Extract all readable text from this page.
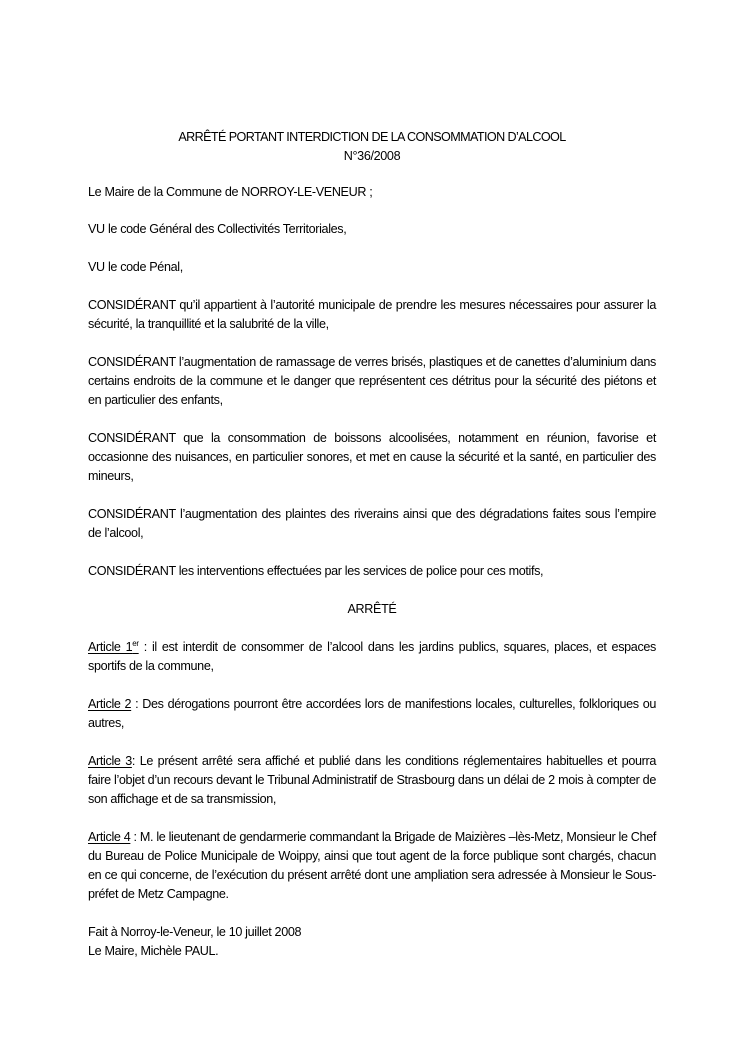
ARRÊTÉ PORTANT INTERDICTION DE LA CONSOMMATION D’ALCOOL

N°36/2008

Le Maire de la Commune de NORROY-LE-VENEUR ;

VU le code Général des Collectivités Territoriales,

VU le code Pénal,

CONSIDÉRANT qu’il appartient à l’autorité municipale de prendre les mesures nécessaires pour assurer la sécurité, la tranquillité et la salubrité de la ville,

CONSIDÉRANT l’augmentation de ramassage de verres brisés, plastiques et de canettes d’aluminium dans certains endroits de la commune et le danger que représentent ces détritus pour la sécurité des piétons et en particulier des enfants,

CONSIDÉRANT que la consommation de boissons alcoolisées, notamment en réunion, favorise et occasionne des nuisances, en particulier sonores, et met en cause la sécurité et la santé, en particulier des mineurs,

CONSIDÉRANT l’augmentation des plaintes des riverains ainsi que des dégradations faites sous l’empire de l’alcool,

CONSIDÉRANT les interventions effectuées par les services de police pour ces motifs,

ARRÊTÉ

Article 1er : il est interdit de consommer de l’alcool dans les jardins publics, squares, places, et espaces sportifs de la commune,

Article 2 : Des dérogations pourront être accordées lors de manifestions locales, culturelles, folkloriques ou autres,

Article 3: Le présent arrêté sera affiché et publié dans les conditions réglementaires habituelles et pourra faire l’objet d’un recours devant le Tribunal Administratif de Strasbourg dans un délai de 2 mois à compter de son affichage et de sa transmission,

Article 4 : M. le lieutenant de gendarmerie commandant la Brigade de Maizières –lès-Metz, Monsieur le Chef du Bureau de Police Municipale de Woippy, ainsi que tout agent de la force publique sont chargés, chacun en ce qui concerne, de l’exécution du présent arrêté dont une ampliation sera adressée à Monsieur le Sous-préfet de Metz Campagne.

Fait à Norroy-le-Veneur, le 10 juillet 2008

Le Maire, Michèle PAUL.
